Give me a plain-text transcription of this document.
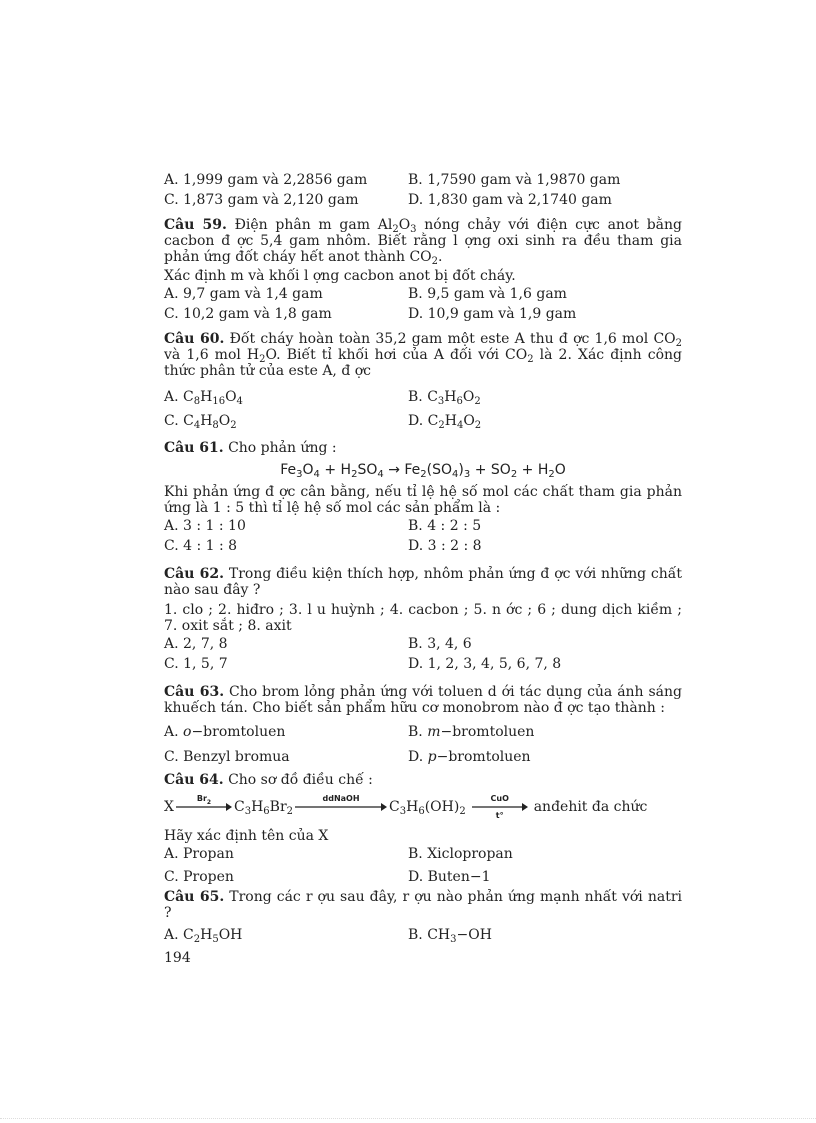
A. 1,999 gam và 2,2856 gam	B. 1,7590 gam và 1,9870 gam
C. 1,873 gam và 2,120 gam	D. 1,830 gam và 2,1740 gam
Câu 59. Điện phân m gam $Al_2O_3$ nóng chảy với điện cực anot bằng cacbon đ ợc 5,4 gam nhôm. Biết rằng l ợng oxi sinh ra đều tham gia phản ứng đốt cháy hết anot thành $CO_2$.
Xác định m và khối l ợng cacbon anot bị đốt cháy.
A. 9,7 gam và 1,4 gam	B. 9,5 gam và 1,6 gam
C. 10,2 gam và 1,8 gam	D. 10,9 gam và 1,9 gam
Câu 60. Đốt cháy hoàn toàn 35,2 gam một este A thu đ ợc 1,6 mol $CO_2$ và 1,6 mol $H_2O$. Biết tỉ khối hơi của A đối với $CO_2$ là 2. Xác định công thức phân tử của este A, đ ợc
A. $C_8H_{16}O_4$	B. $C_3H_6O_2$
C. $C_4H_8O_2$	D. $C_2H_4O_2$
Câu 61. Cho phản ứng :
$Fe_3O_4 + H_2SO_4 \to Fe_2(SO_4)_3 + SO_2 + H_2O$
Khi phản ứng đ ợc cân bằng, nếu tỉ lệ hệ số mol các chất tham gia phản ứng là 1 : 5 thì tỉ lệ hệ số mol các sản phẩm là :
A. 3 : 1 : 10	B. 4 : 2 : 5
C. 4 : 1 : 8	D. 3 : 2 : 8
Câu 62. Trong điều kiện thích hợp, nhôm phản ứng đ ợc với những chất nào sau đây ?
1. clo ; 2. hiđro ; 3. l u huỳnh ; 4. cacbon ; 5. n ớc ; 6 ; dung dịch kiềm ; 7. oxit sắt ; 8. axit
A. 2, 7, 8	B. 3, 4, 6
C. 1, 5, 7	D. 1, 2, 3, 4, 5, 6, 7, 8
Câu 63. Cho brom lỏng phản ứng với toluen d ới tác dụng của ánh sáng khuếch tán. Cho biết sản phẩm hữu cơ monobrom nào đ ợc tạo thành :
A. o−bromtoluen	B. m−bromtoluen
C. Benzyl bromua	D. p−bromtoluen
Câu 64. Cho sơ đồ điều chế :
X
$Br_2$ $C_3H_6Br_2$
ddNaOH
$C_3H_6(OH)_2$
CuO
t°
anđehit đa chức
Hãy xác định tên của X
A. Propan	B. Xiclopropan
C. Propen	D. Buten−1
Câu 65. Trong các r ợu sau đây, r ợu nào phản ứng mạnh nhất với natri ?
A. $C_2H_5OH$	B. $CH_3-OH$
194
